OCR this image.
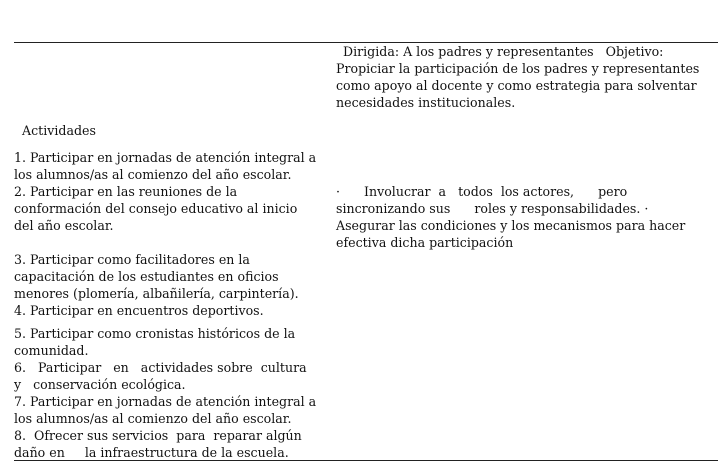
Dirigida: A los padres y representantes   Objetivo:
Propiciar la participación de los padres y representantes
como apoyo al docente y como estrategia para solventar
necesidades institucionales.
Actividades
1. Participar en jornadas de atención integral a
los alumnos/as al comienzo del año escolar.
2. Participar en las reuniones de la
conformación del consejo educativo al inicio
del año escolar.
3. Participar como facilitadores en la
capacitación de los estudiantes en oficios
menores (plomería, albañilería, carpintería).
4. Participar en encuentros deportivos.
5. Participar como cronistas históricos de la
comunidad.
6.   Participar   en   actividades sobre  cultura
y   conservación ecológica.
7. Participar en jornadas de atención integral a
los alumnos/as al comienzo del año escolar.
8.  Ofrecer sus servicios  para  reparar algún
daño en     la infraestructura de la escuela.
·      Involucrar  a   todos  los actores,      pero
sincronizando sus      roles y responsabilidades. ·
Asegurar las condiciones y los mecanismos para hacer
efectiva dicha participación
